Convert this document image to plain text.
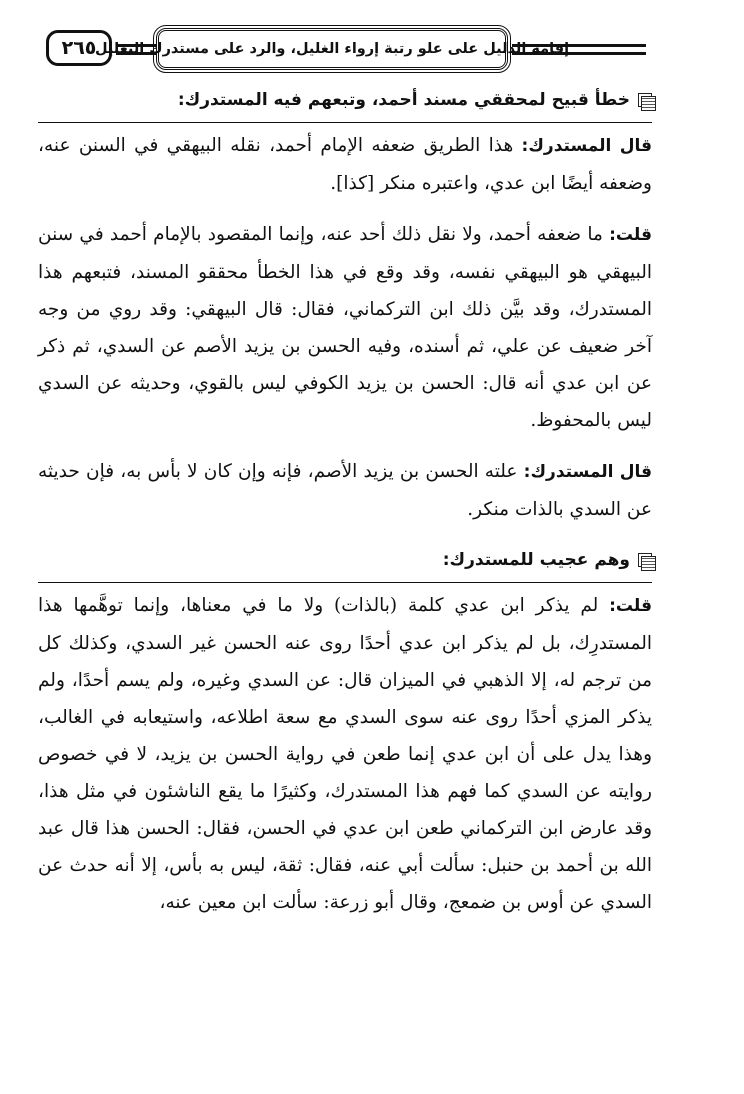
٢٦٥
إقامة الدليل على علو رتبة إرواء الغليل، والرد على مستدرك التعليل
خطأ قبيح لمحققي مسند أحمد، وتبعهم فيه المستدرك:

قال المستدرك: هذا الطريق ضعفه الإمام أحمد، نقله البيهقي في السنن عنه، وضعفه أيضًا ابن عدي، واعتبره منكر [كذا].

قلت: ما ضعفه أحمد، ولا نقل ذلك أحد عنه، وإنما المقصود بالإمام أحمد في سنن البيهقي هو البيهقي نفسه، وقد وقع في هذا الخطأ محققو المسند، فتبعهم هذا المستدرك، وقد بيَّن ذلك ابن التركماني، فقال: قال البيهقي: وقد روي من وجه آخر ضعيف عن علي، ثم أسنده، وفيه الحسن بن يزيد الأصم عن السدي، ثم ذكر عن ابن عدي أنه قال: الحسن بن يزيد الكوفي ليس بالقوي، وحديثه عن السدي ليس بالمحفوظ.

قال المستدرك: علته الحسن بن يزيد الأصم، فإنه وإن كان لا بأس به، فإن حديثه عن السدي بالذات منكر.

وهم عجيب للمستدرك:

قلت: لم يذكر ابن عدي كلمة (بالذات) ولا ما في معناها، وإنما توهَّمها هذا المستدرِك، بل لم يذكر ابن عدي أحدًا روى عنه الحسن غير السدي، وكذلك كل من ترجم له، إلا الذهبي في الميزان قال: عن السدي وغيره، ولم يسم أحدًا، ولم يذكر المزي أحدًا روى عنه سوى السدي مع سعة اطلاعه، واستيعابه في الغالب، وهذا يدل على أن ابن عدي إنما طعن في رواية الحسن بن يزيد، لا في خصوص روايته عن السدي كما فهم هذا المستدرك، وكثيرًا ما يقع الناشئون في مثل هذا، وقد عارض ابن التركماني طعن ابن عدي في الحسن، فقال: الحسن هذا قال عبد الله بن أحمد بن حنبل: سألت أبي عنه، فقال: ثقة، ليس به بأس، إلا أنه حدث عن السدي عن أوس بن ضمعج، وقال أبو زرعة: سألت ابن معين عنه،
